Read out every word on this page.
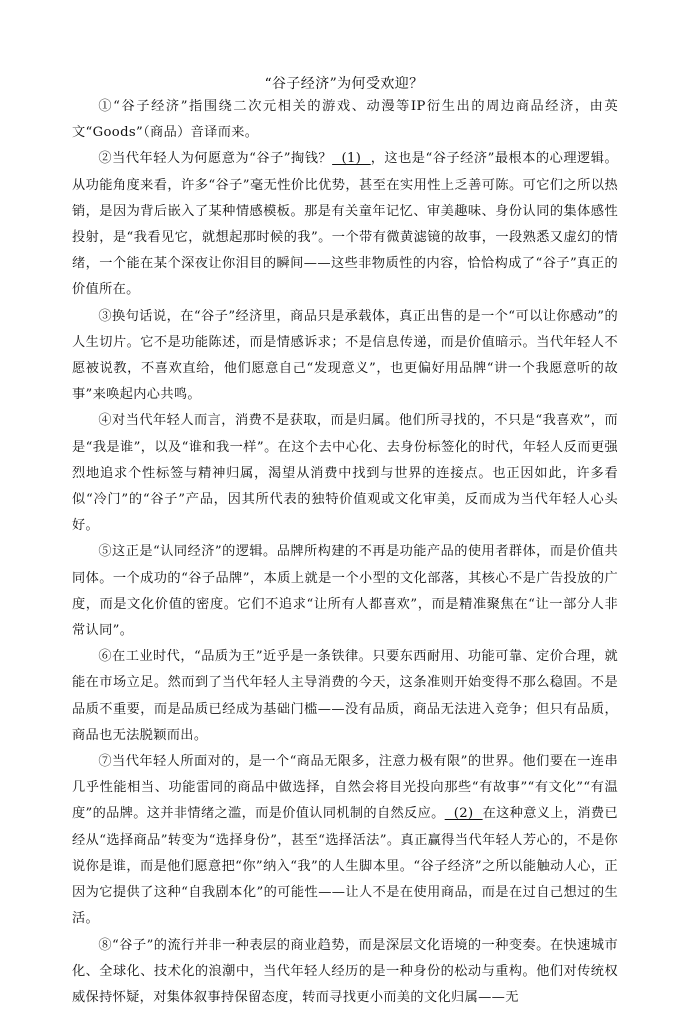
“谷子经济”为何受欢迎？

①“谷子经济”指围绕二次元相关的游戏、动漫等IP衍生出的周边商品经济，由英文“Goods”（商品）音译而来。

②当代年轻人为何愿意为“谷子”掏钱？  (1)  ，这也是“谷子经济”最根本的心理逻辑。从功能角度来看，许多“谷子”毫无性价比优势，甚至在实用性上乏善可陈。可它们之所以热销，是因为背后嵌入了某种情感模板。那是有关童年记忆、审美趣味、身份认同的集体感性投射，是“我看见它，就想起那时候的我”。一个带有微黄滤镜的故事，一段熟悉又虚幻的情绪，一个能在某个深夜让你泪目的瞬间——这些非物质性的内容，恰恰构成了“谷子”真正的价值所在。

③换句话说，在“谷子”经济里，商品只是承载体，真正出售的是一个“可以让你感动”的人生切片。它不是功能陈述，而是情感诉求；不是信息传递，而是价值暗示。当代年轻人不愿被说教，不喜欢直给，他们愿意自己“发现意义”，也更偏好用品牌“讲一个我愿意听的故事”来唤起内心共鸣。

④对当代年轻人而言，消费不是获取，而是归属。他们所寻找的，不只是“我喜欢”，而是“我是谁”，以及“谁和我一样”。在这个去中心化、去身份标签化的时代，年轻人反而更强烈地追求个性标签与精神归属，渴望从消费中找到与世界的连接点。也正因如此，许多看似“冷门”的“谷子”产品，因其所代表的独特价值观或文化审美，反而成为当代年轻人心头好。

⑤这正是“认同经济”的逻辑。品牌所构建的不再是功能产品的使用者群体，而是价值共同体。一个成功的“谷子品牌”，本质上就是一个小型的文化部落，其核心不是广告投放的广度，而是文化价值的密度。它们不追求“让所有人都喜欢”，而是精准聚焦在“让一部分人非常认同”。

⑥在工业时代，“品质为王”近乎是一条铁律。只要东西耐用、功能可靠、定价合理，就能在市场立足。然而到了当代年轻人主导消费的今天，这条准则开始变得不那么稳固。不是品质不重要，而是品质已经成为基础门槛——没有品质，商品无法进入竞争；但只有品质，商品也无法脱颖而出。

⑦当代年轻人所面对的，是一个“商品无限多，注意力极有限”的世界。他们要在一连串几乎性能相当、功能雷同的商品中做选择，自然会将目光投向那些“有故事”“有文化”“有温度”的品牌。这并非情绪之滥，而是价值认同机制的自然反应。  (2)  在这种意义上，消费已经从“选择商品”转变为“选择身份”，甚至“选择活法”。真正赢得当代年轻人芳心的，不是你说你是谁，而是他们愿意把“你”纳入“我”的人生脚本里。“谷子经济”之所以能触动人心，正因为它提供了这种“自我剧本化”的可能性——让人不是在使用商品，而是在过自己想过的生活。

⑧“谷子”的流行并非一种表层的商业趋势，而是深层文化语境的一种变奏。在快速城市化、全球化、技术化的浪潮中，当代年轻人经历的是一种身份的松动与重构。他们对传统权威保持怀疑，对集体叙事持保留态度，转而寻找更小而美的文化归属——无
